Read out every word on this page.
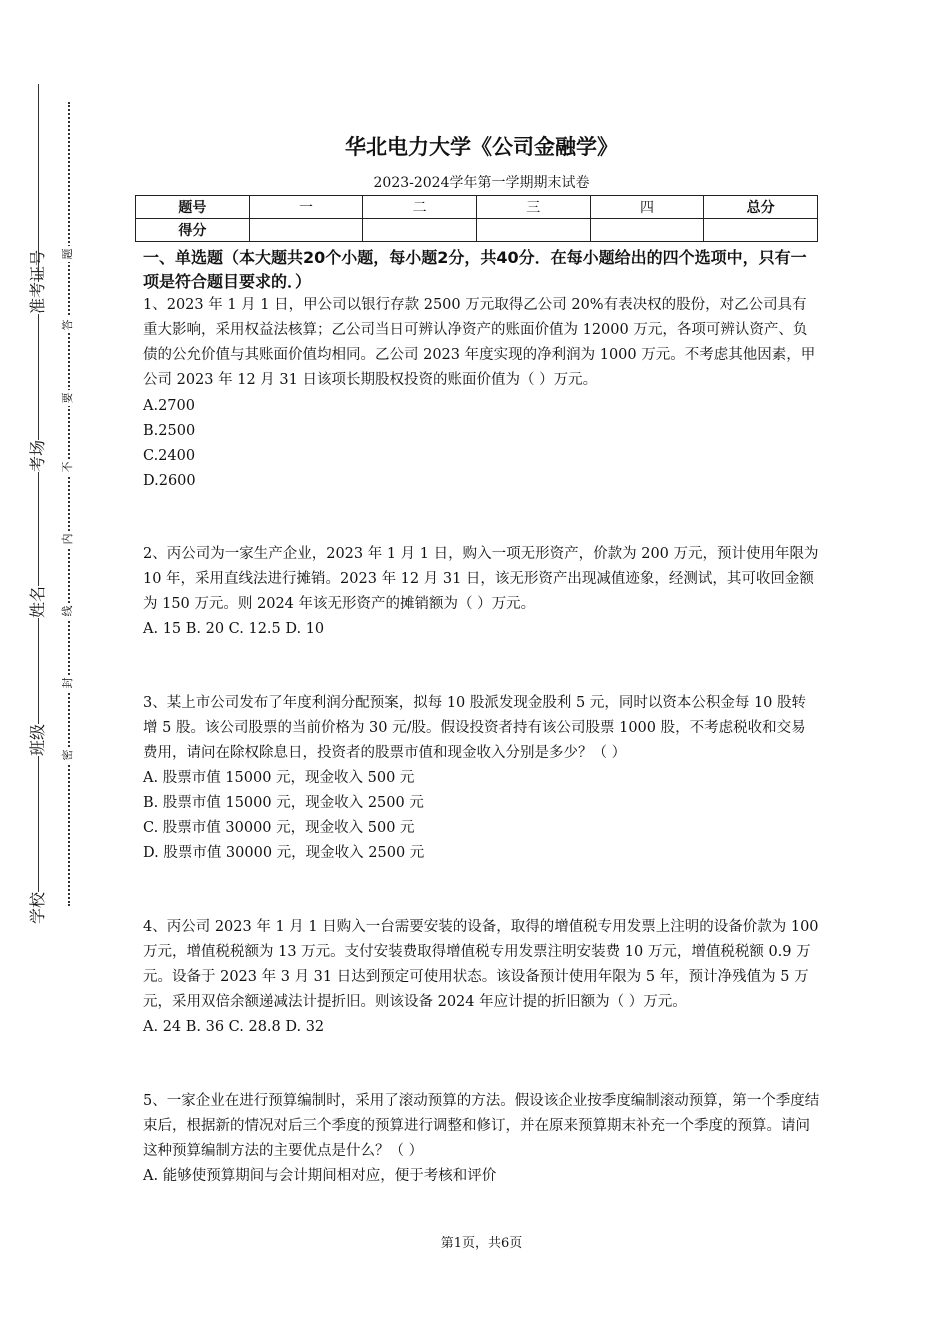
准考证号
考场
姓名
班级
学校
题
答
要
不
内
线
封
密
华北电力大学《公司金融学》
2023-2024学年第一学期期末试卷
题号	一	二	三	四	总分
得分					
一、单选题（本大题共20个小题，每小题2分，共40分．在每小题给出的四个选项中，只有一项是符合题目要求的．）

1、2023 年 1 月 1 日，甲公司以银行存款 2500 万元取得乙公司 20%有表决权的股份，对乙公司具有重大影响，采用权益法核算；乙公司当日可辨认净资产的账面价值为 12000 万元，各项可辨认资产、负债的公允价值与其账面价值均相同。乙公司 2023 年度实现的净利润为 1000 万元。不考虑其他因素，甲公司 2023 年 12 月 31 日该项长期股权投资的账面价值为（ ）万元。

A.2700

B.2500

C.2400

D.2600

2、丙公司为一家生产企业，2023 年 1 月 1 日，购入一项无形资产，价款为 200 万元，预计使用年限为 10 年，采用直线法进行摊销。2023 年 12 月 31 日，该无形资产出现减值迹象，经测试，其可收回金额为 150 万元。则 2024 年该无形资产的摊销额为（ ）万元。

A. 15 B. 20 C. 12.5 D. 10

3、某上市公司发布了年度利润分配预案，拟每 10 股派发现金股利 5 元，同时以资本公积金每 10 股转增 5 股。该公司股票的当前价格为 30 元/股。假设投资者持有该公司股票 1000 股，不考虑税收和交易费用，请问在除权除息日，投资者的股票市值和现金收入分别是多少？（ ）

A. 股票市值 15000 元，现金收入 500 元

B. 股票市值 15000 元，现金收入 2500 元

C. 股票市值 30000 元，现金收入 500 元

D. 股票市值 30000 元，现金收入 2500 元

4、丙公司 2023 年 1 月 1 日购入一台需要安装的设备，取得的增值税专用发票上注明的设备价款为 100 万元，增值税税额为 13 万元。支付安装费取得增值税专用发票注明安装费 10 万元，增值税税额 0.9 万元。设备于 2023 年 3 月 31 日达到预定可使用状态。该设备预计使用年限为 5 年，预计净残值为 5 万元，采用双倍余额递减法计提折旧。则该设备 2024 年应计提的折旧额为（ ）万元。

A. 24 B. 36 C. 28.8 D. 32

5、一家企业在进行预算编制时，采用了滚动预算的方法。假设该企业按季度编制滚动预算，第一个季度结束后，根据新的情况对后三个季度的预算进行调整和修订，并在原来预算期末补充一个季度的预算。请问这种预算编制方法的主要优点是什么？（ ）

A. 能够使预算期间与会计期间相对应，便于考核和评价

第1页，共6页
